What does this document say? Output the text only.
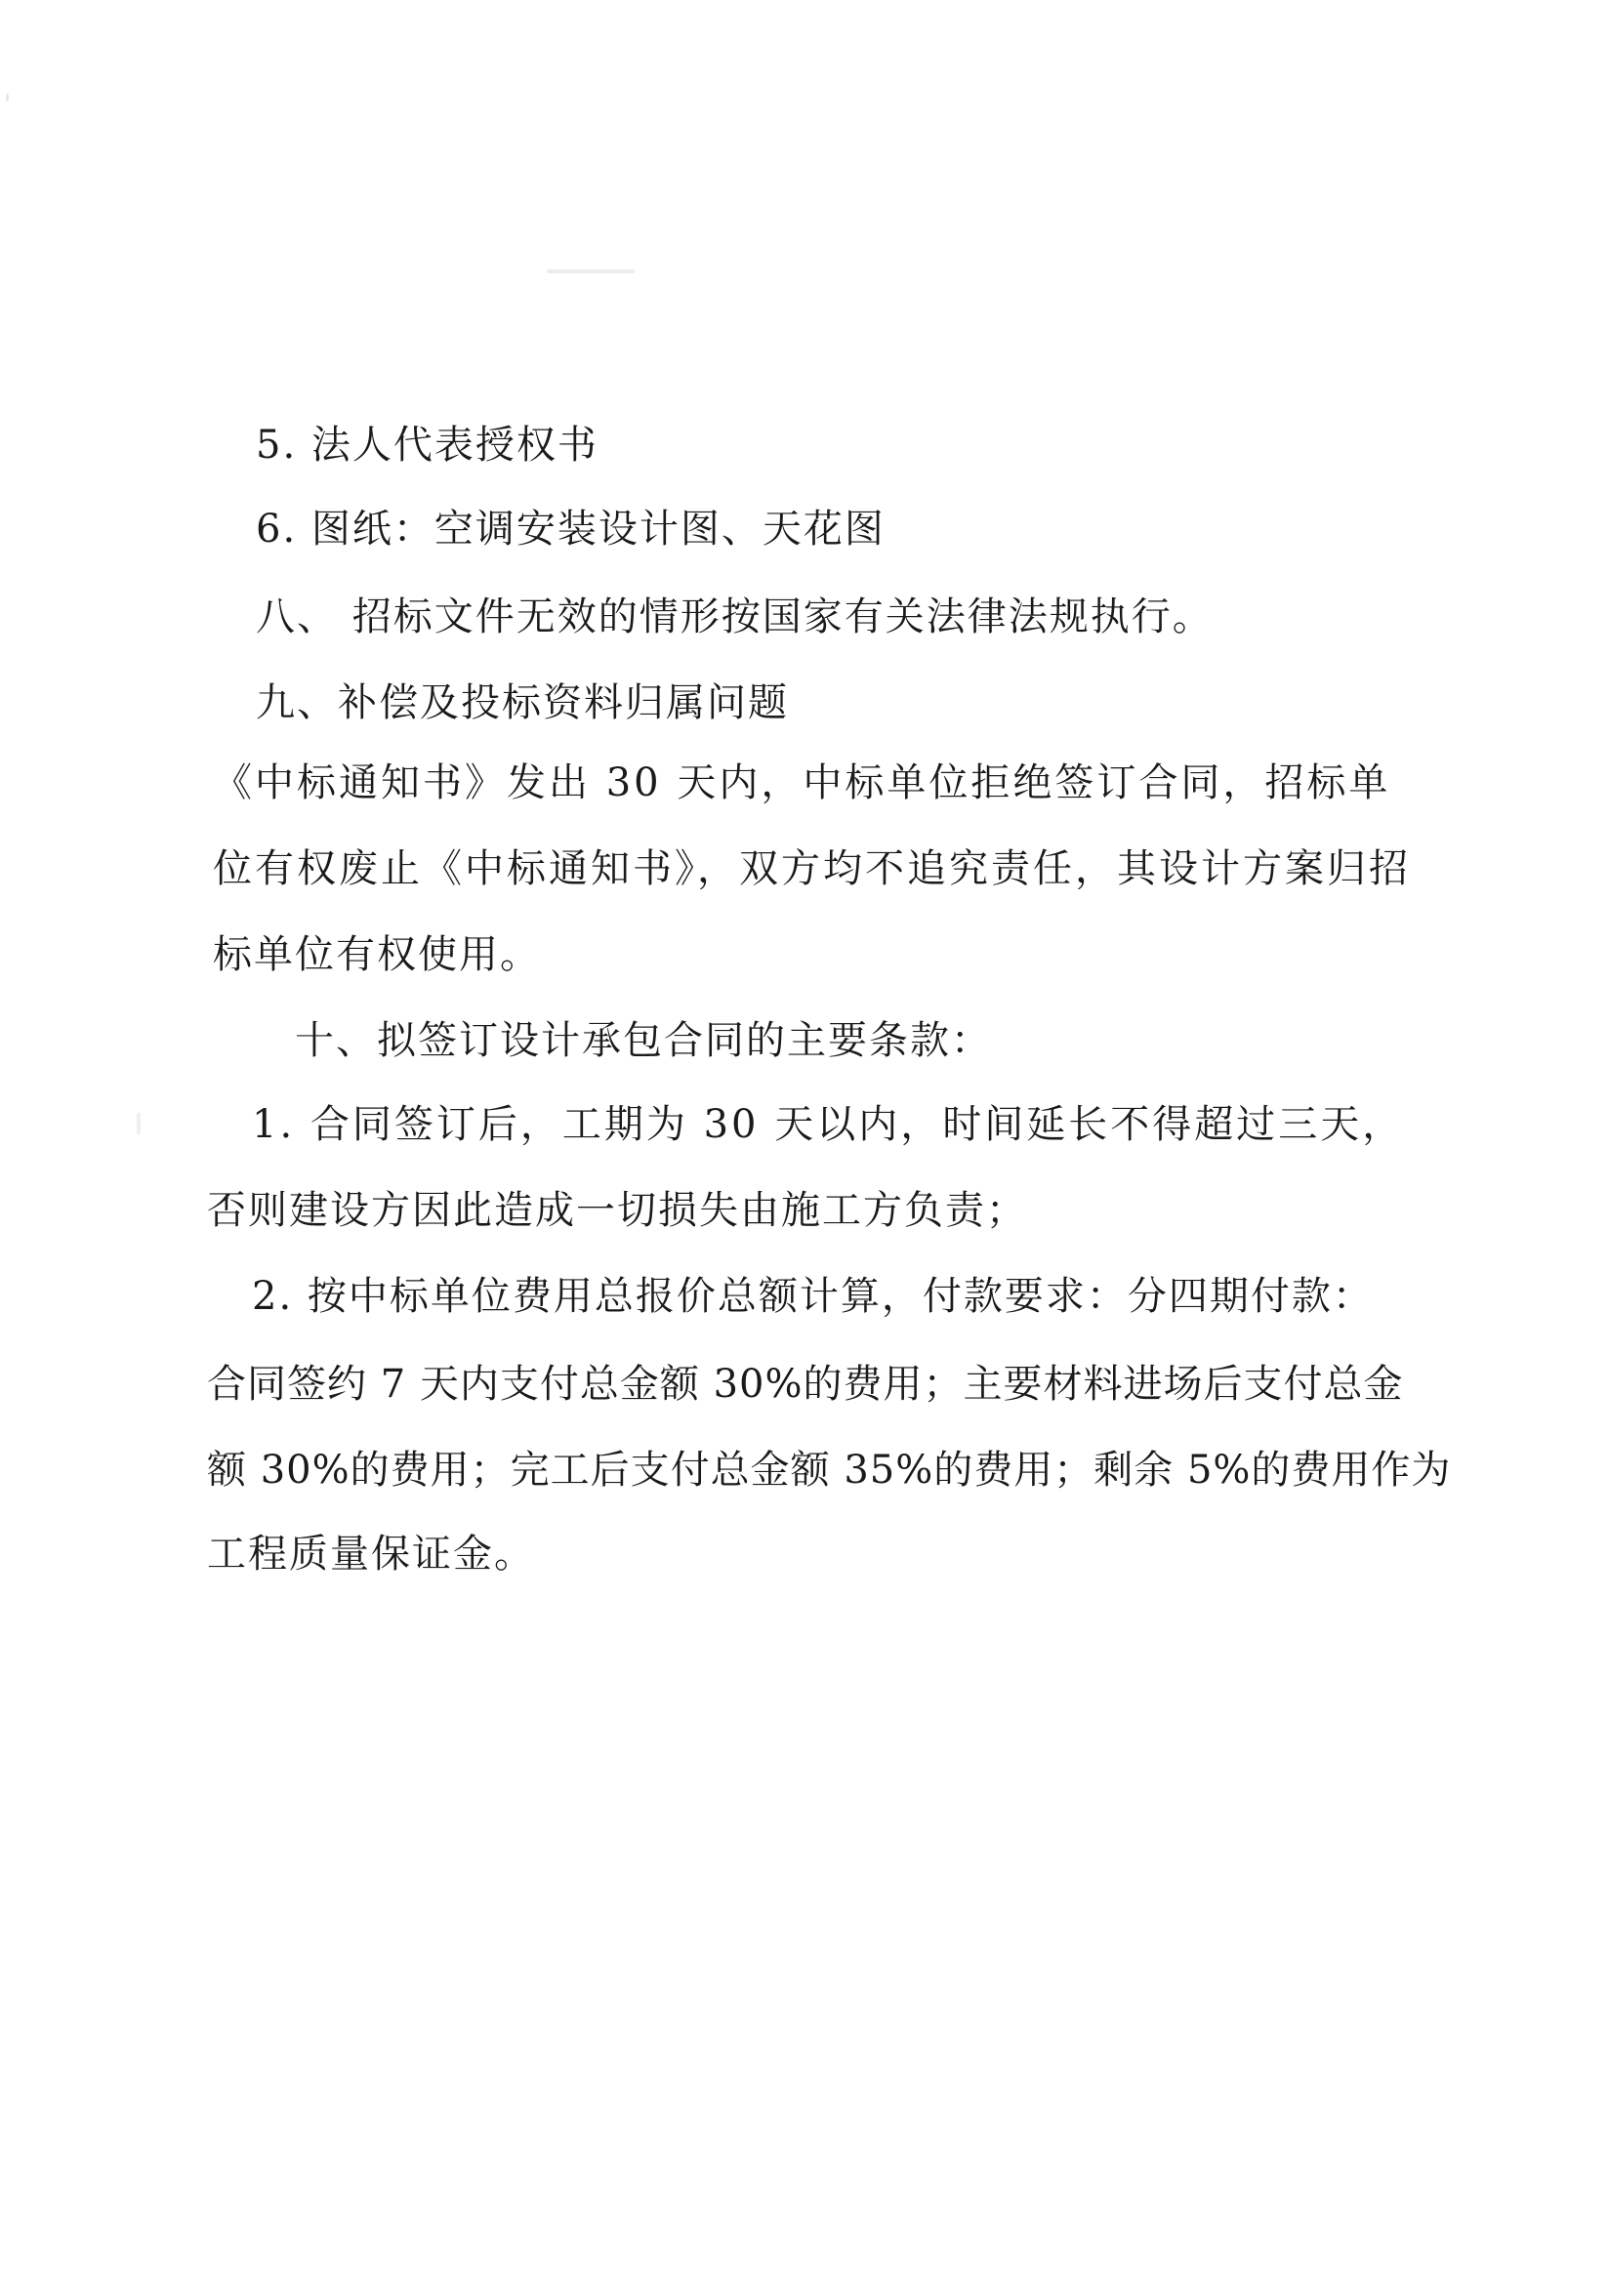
5. 法人代表授权书
6. 图纸：空调安装设计图、天花图
八、 招标文件无效的情形按国家有关法律法规执行。
九、补偿及投标资料归属问题
《中标通知书》发出 30 天内，中标单位拒绝签订合同，招标单
位有权废止《中标通知书》，双方均不追究责任，其设计方案归招
标单位有权使用。
十、拟签订设计承包合同的主要条款：
1. 合同签订后，工期为 30 天以内，时间延长不得超过三天，
否则建设方因此造成一切损失由施工方负责；
2. 按中标单位费用总报价总额计算，付款要求：分四期付款：
合同签约 7 天内支付总金额 30%的费用；主要材料进场后支付总金
额 30%的费用；完工后支付总金额 35%的费用；剩余 5%的费用作为
工程质量保证金。
